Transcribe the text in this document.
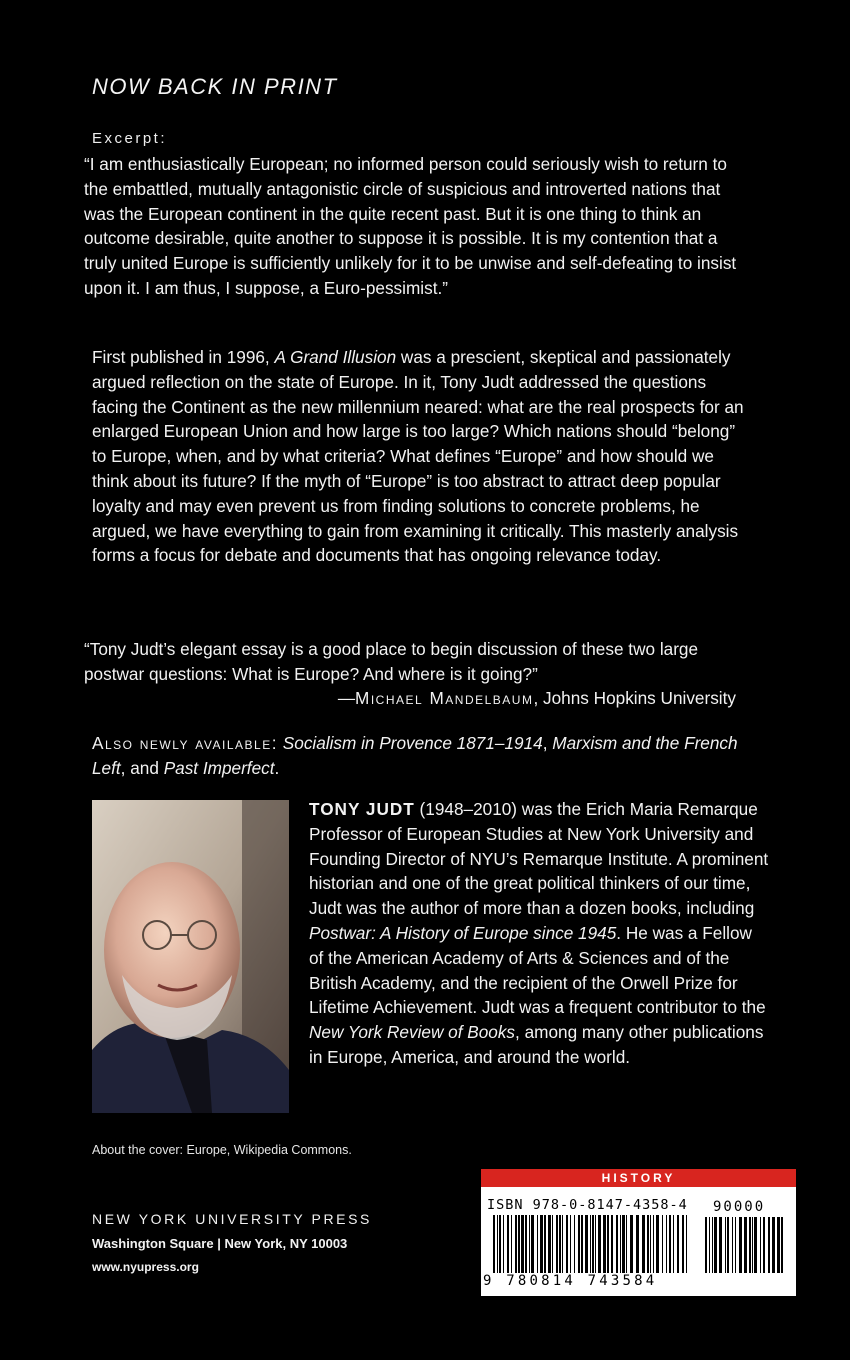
NOW BACK IN PRINT
Excerpt:

“I am enthusiastically European; no informed person could seriously wish to return to the embattled, mutually antagonistic circle of suspicious and introverted nations that was the European continent in the quite recent past. But it is one thing to think an outcome desirable, quite another to suppose it is possible. It is my contention that a truly united Europe is sufficiently unlikely for it to be unwise and self-defeating to insist upon it. I am thus, I suppose, a Euro-pessimist.”

First published in 1996, A Grand Illusion was a prescient, skeptical and passionately argued reflection on the state of Europe. In it, Tony Judt addressed the questions facing the Continent as the new millennium neared: what are the real prospects for an enlarged European Union and how large is too large? Which nations should “belong” to Europe, when, and by what criteria? What defines “Europe” and how should we think about its future? If the myth of “Europe” is too abstract to attract deep popular loyalty and may even prevent us from finding solutions to concrete problems, he argued, we have everything to gain from examining it critically. This masterly analysis forms a focus for debate and documents that has ongoing relevance today.

“Tony Judt’s elegant essay is a good place to begin discussion of these two large postwar questions: What is Europe? And where is it going?”

—Michael Mandelbaum, Johns Hopkins University

Also newly available: Socialism in Provence 1871–1914, Marxism and the French Left, and Past Imperfect.

TONY JUDT (1948–2010) was the Erich Maria Remarque Professor of European Studies at New York University and Founding Director of NYU’s Remarque Institute. A prominent historian and one of the great political thinkers of our time, Judt was the author of more than a dozen books, including Postwar: A History of Europe since 1945. He was a Fellow of the American Academy of Arts & Sciences and of the British Academy, and the recipient of the Orwell Prize for Lifetime Achievement. Judt was a frequent contributor to the New York Review of Books, among many other publications in Europe, America, and around the world.

About the cover: Europe, Wikipedia Commons.
NEW YORK UNIVERSITY PRESS
Washington Square | New York, NY 10003
www.nyupress.org
HISTORY
ISBN 978-0-8147-4358-4 90000
9 780814 743584
